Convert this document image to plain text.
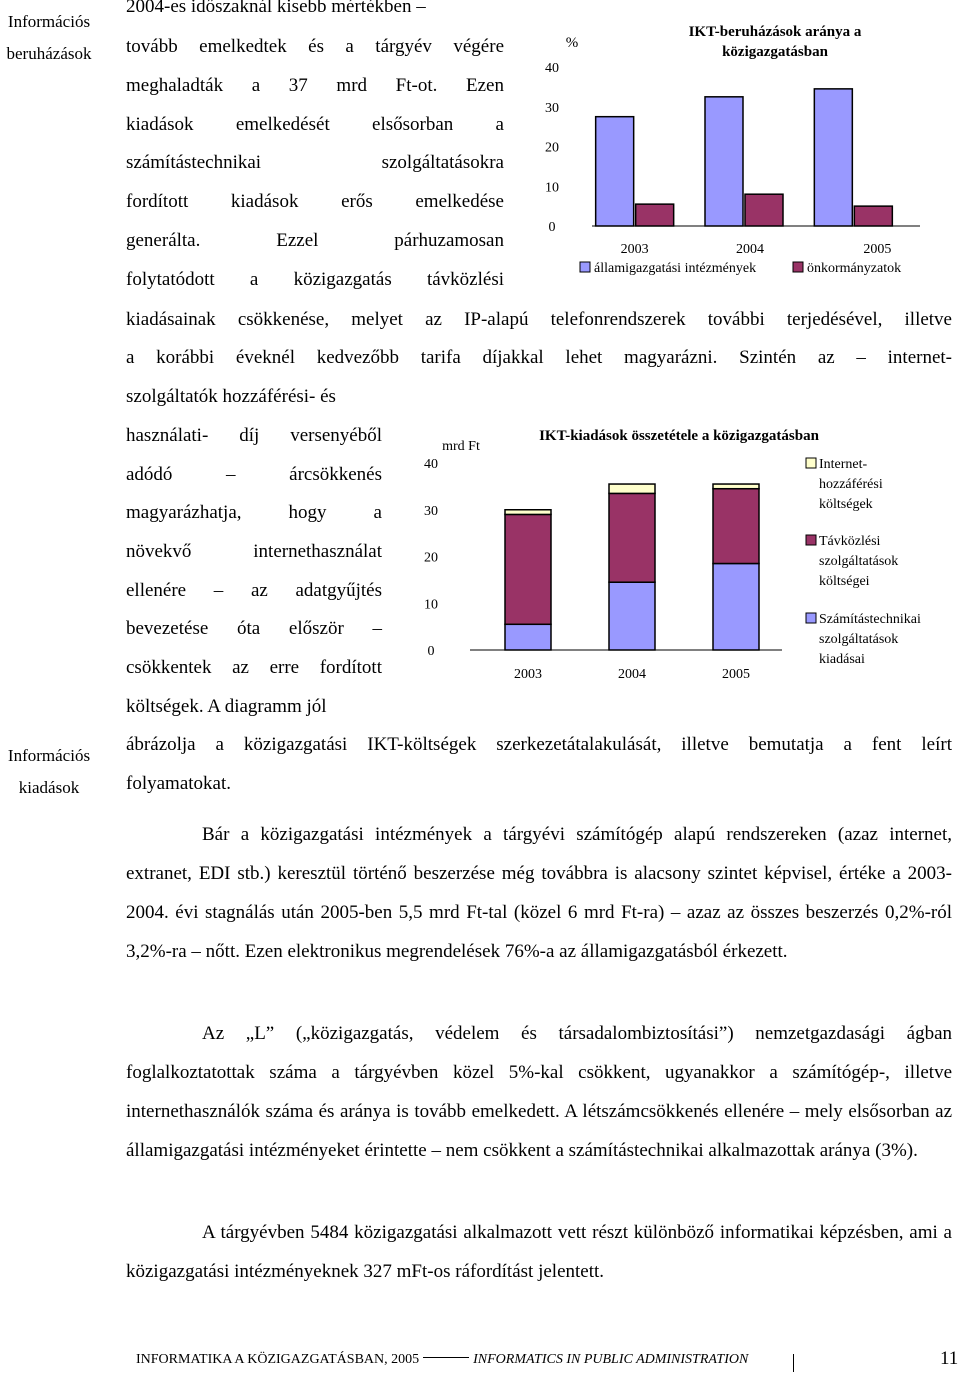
Információs
beruházások
Információs
kiadások
2004-es időszaknál kisebb mértékben –
tovább emelkedtek és a tárgyév végére
meghaladták a 37 mrd Ft-ot. Ezen
kiadások emelkedését elsősorban a
számítástechnikai szolgáltatásokra
fordított kiadások erős emelkedése
generálta. Ezzel párhuzamosan
folytatódott a közigazgatás távközlési
IKT-beruházások aránya a
közigazgatásban
%
0
10
20
30
40
2003	2004	2005
államigazgatási intézmények	önkormányzatok
kiadásainak csökkenése, melyet az IP-alapú telefonrendszerek további terjedésével, illetve
a korábbi éveknél kedvezőbb tarifa díjakkal lehet magyarázni. Szintén az – internet-
szolgáltatók hozzáférési- és
használati- díj versenyéből
adódó – árcsökkenés
magyarázhatja, hogy a
növekvő internethasználat
ellenére – az adatgyűjtés
bevezetése óta először –
csökkentek az erre fordított
költségek. A diagramm jól
IKT-kiadások összetétele a közigazgatásban
mrd Ft
0
10
20
30
40
2003	2004	2005
Internet-
hozzáférési
költségek
Távközlési
szolgáltatások
költségei
Számítástechnikai
szolgáltatások
kiadásai
ábrázolja a közigazgatási IKT-költségek szerkezetátalakulását, illetve bemutatja a fent leírt
folyamatokat.
Bár a közigazgatási intézmények a tárgyévi számítógép alapú rendszereken (azaz internet, extranet, EDI stb.) keresztül történő beszerzése még továbbra is alacsony szintet képvisel, értéke a 2003-2004. évi stagnálás után 2005-ben 5,5 mrd Ft-tal (közel 6 mrd Ft-ra) – azaz az összes beszerzés 0,2%-ról 3,2%-ra – nőtt. Ezen elektronikus megrendelések 76%-a az államigazgatásból érkezett.
Az „L” („közigazgatás, védelem és társadalombiztosítási”) nemzetgazdasági ágban foglalkoztatottak száma a tárgyévben közel 5%-kal csökkent, ugyanakkor a számítógép-, illetve internethasználók száma és aránya is tovább emelkedett. A létszámcsökkenés ellenére – mely elsősorban az államigazgatási intézményeket érintette – nem csökkent a számítástechnikai alkalmazottak aránya (3%).
A tárgyévben 5484 közigazgatási alkalmazott vett részt különböző informatikai képzésben, ami a közigazgatási intézményeknek 327 mFt-os ráfordítást jelentett.
INFORMATIKA A KÖZIGAZGATÁSBAN, 2005	INFORMATICS IN PUBLIC ADMINISTRATION	11
